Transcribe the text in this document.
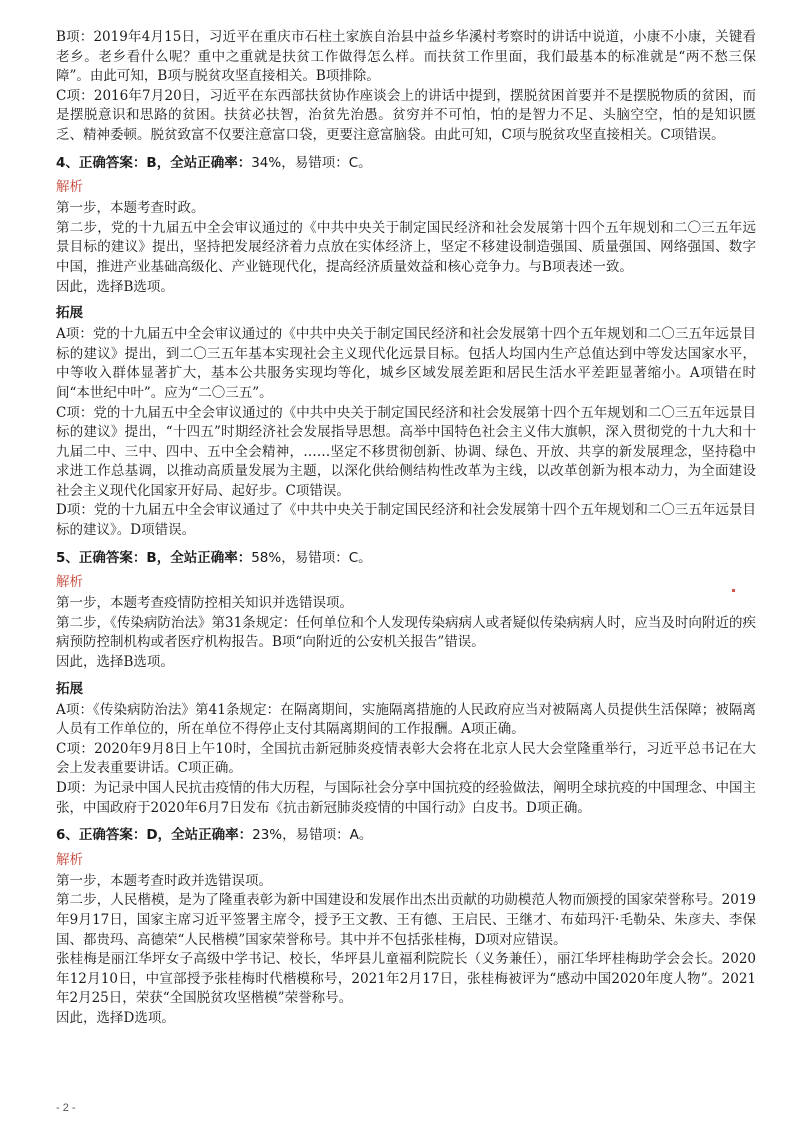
B项：2019年4月15日，习近平在重庆市石柱土家族自治县中益乡华溪村考察时的讲话中说道，小康不小康，关键看老乡。老乡看什么呢？重中之重就是扶贫工作做得怎么样。而扶贫工作里面，我们最基本的标准就是“两不愁三保障”。由此可知，B项与脱贫攻坚直接相关。B项排除。

C项：2016年7月20日，习近平在东西部扶贫协作座谈会上的讲话中提到，摆脱贫困首要并不是摆脱物质的贫困，而是摆脱意识和思路的贫困。扶贫必扶智，治贫先治愚。贫穷并不可怕，怕的是智力不足、头脑空空，怕的是知识匮乏、精神委顿。脱贫致富不仅要注意富口袋，更要注意富脑袋。由此可知，C项与脱贫攻坚直接相关。C项错误。

4、正确答案：B，全站正确率：34%，易错项：C。
解析

第一步，本题考查时政。

第二步，党的十九届五中全会审议通过的《中共中央关于制定国民经济和社会发展第十四个五年规划和二〇三五年远景目标的建议》提出，坚持把发展经济着力点放在实体经济上，坚定不移建设制造强国、质量强国、网络强国、数字中国，推进产业基础高级化、产业链现代化，提高经济质量效益和核心竞争力。与B项表述一致。

因此，选择B选项。

拓展

A项：党的十九届五中全会审议通过的《中共中央关于制定国民经济和社会发展第十四个五年规划和二〇三五年远景目标的建议》提出，到二〇三五年基本实现社会主义现代化远景目标。包括人均国内生产总值达到中等发达国家水平，中等收入群体显著扩大，基本公共服务实现均等化，城乡区域发展差距和居民生活水平差距显著缩小。A项错在时间“本世纪中叶”。应为“二〇三五”。

C项：党的十九届五中全会审议通过的《中共中央关于制定国民经济和社会发展第十四个五年规划和二〇三五年远景目标的建议》提出，“十四五”时期经济社会发展指导思想。高举中国特色社会主义伟大旗帜，深入贯彻党的十九大和十九届二中、三中、四中、五中全会精神，……坚定不移贯彻创新、协调、绿色、开放、共享的新发展理念，坚持稳中求进工作总基调，以推动高质量发展为主题，以深化供给侧结构性改革为主线，以改革创新为根本动力，为全面建设社会主义现代化国家开好局、起好步。C项错误。

D项：党的十九届五中全会审议通过了《中共中央关于制定国民经济和社会发展第十四个五年规划和二〇三五年远景目标的建议》。D项错误。

5、正确答案：B，全站正确率：58%，易错项：C。
解析

第一步，本题考查疫情防控相关知识并选错误项。

第二步，《传染病防治法》第31条规定：任何单位和个人发现传染病病人或者疑似传染病病人时，应当及时向附近的疾病预防控制机构或者医疗机构报告。B项“向附近的公安机关报告”错误。

因此，选择B选项。

拓展

A项：《传染病防治法》第41条规定：在隔离期间，实施隔离措施的人民政府应当对被隔离人员提供生活保障；被隔离人员有工作单位的，所在单位不得停止支付其隔离期间的工作报酬。A项正确。

C项：2020年9月8日上午10时，全国抗击新冠肺炎疫情表彰大会将在北京人民大会堂隆重举行，习近平总书记在大会上发表重要讲话。C项正确。

D项：为记录中国人民抗击疫情的伟大历程，与国际社会分享中国抗疫的经验做法，阐明全球抗疫的中国理念、中国主张，中国政府于2020年6月7日发布《抗击新冠肺炎疫情的中国行动》白皮书。D项正确。

6、正确答案：D，全站正确率：23%，易错项：A。
解析

第一步，本题考查时政并选错误项。

第二步，人民楷模，是为了隆重表彰为新中国建设和发展作出杰出贡献的功勋模范人物而颁授的国家荣誉称号。2019年9月17日，国家主席习近平签署主席令，授予王文教、王有德、王启民、王继才、布茹玛汗·毛勒朵、朱彦夫、李保国、都贵玛、高德荣“人民楷模”国家荣誉称号。其中并不包括张桂梅，D项对应错误。

张桂梅是丽江华坪女子高级中学书记、校长，华坪县儿童福利院院长（义务兼任），丽江华坪桂梅助学会会长。2020年12月10日，中宣部授予张桂梅时代楷模称号，2021年2月17日，张桂梅被评为“感动中国2020年度人物”。2021年2月25日，荣获“全国脱贫攻坚楷模”荣誉称号。

因此，选择D选项。

- 2 -
